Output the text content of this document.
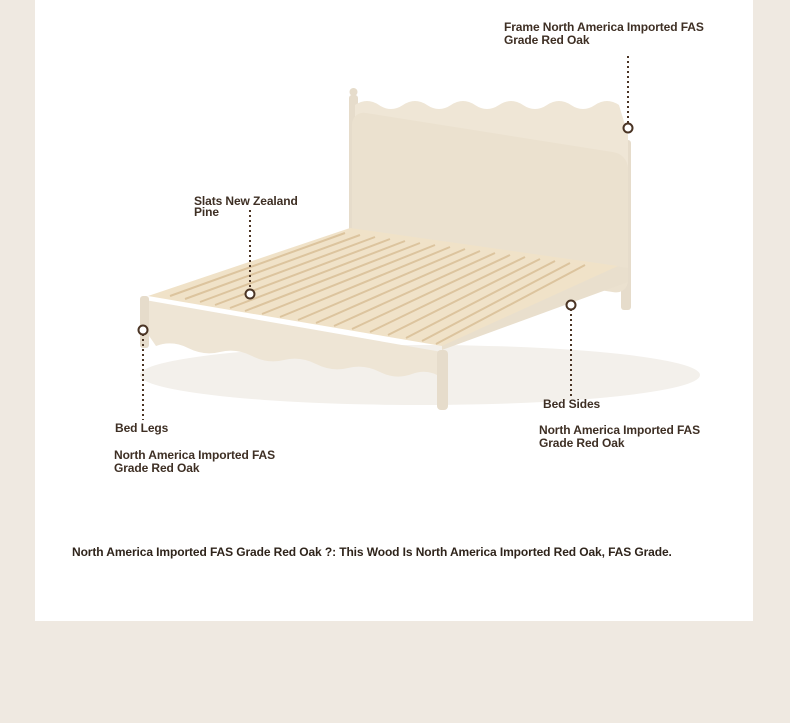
Frame North America Imported FAS
Grade Red Oak
Slats New Zealand
Pine
Bed Legs
North America Imported FAS
Grade Red Oak
Bed Sides
North America Imported FAS
Grade Red Oak
North America Imported FAS Grade Red Oak ?: This Wood Is North America Imported Red Oak, FAS Grade.
